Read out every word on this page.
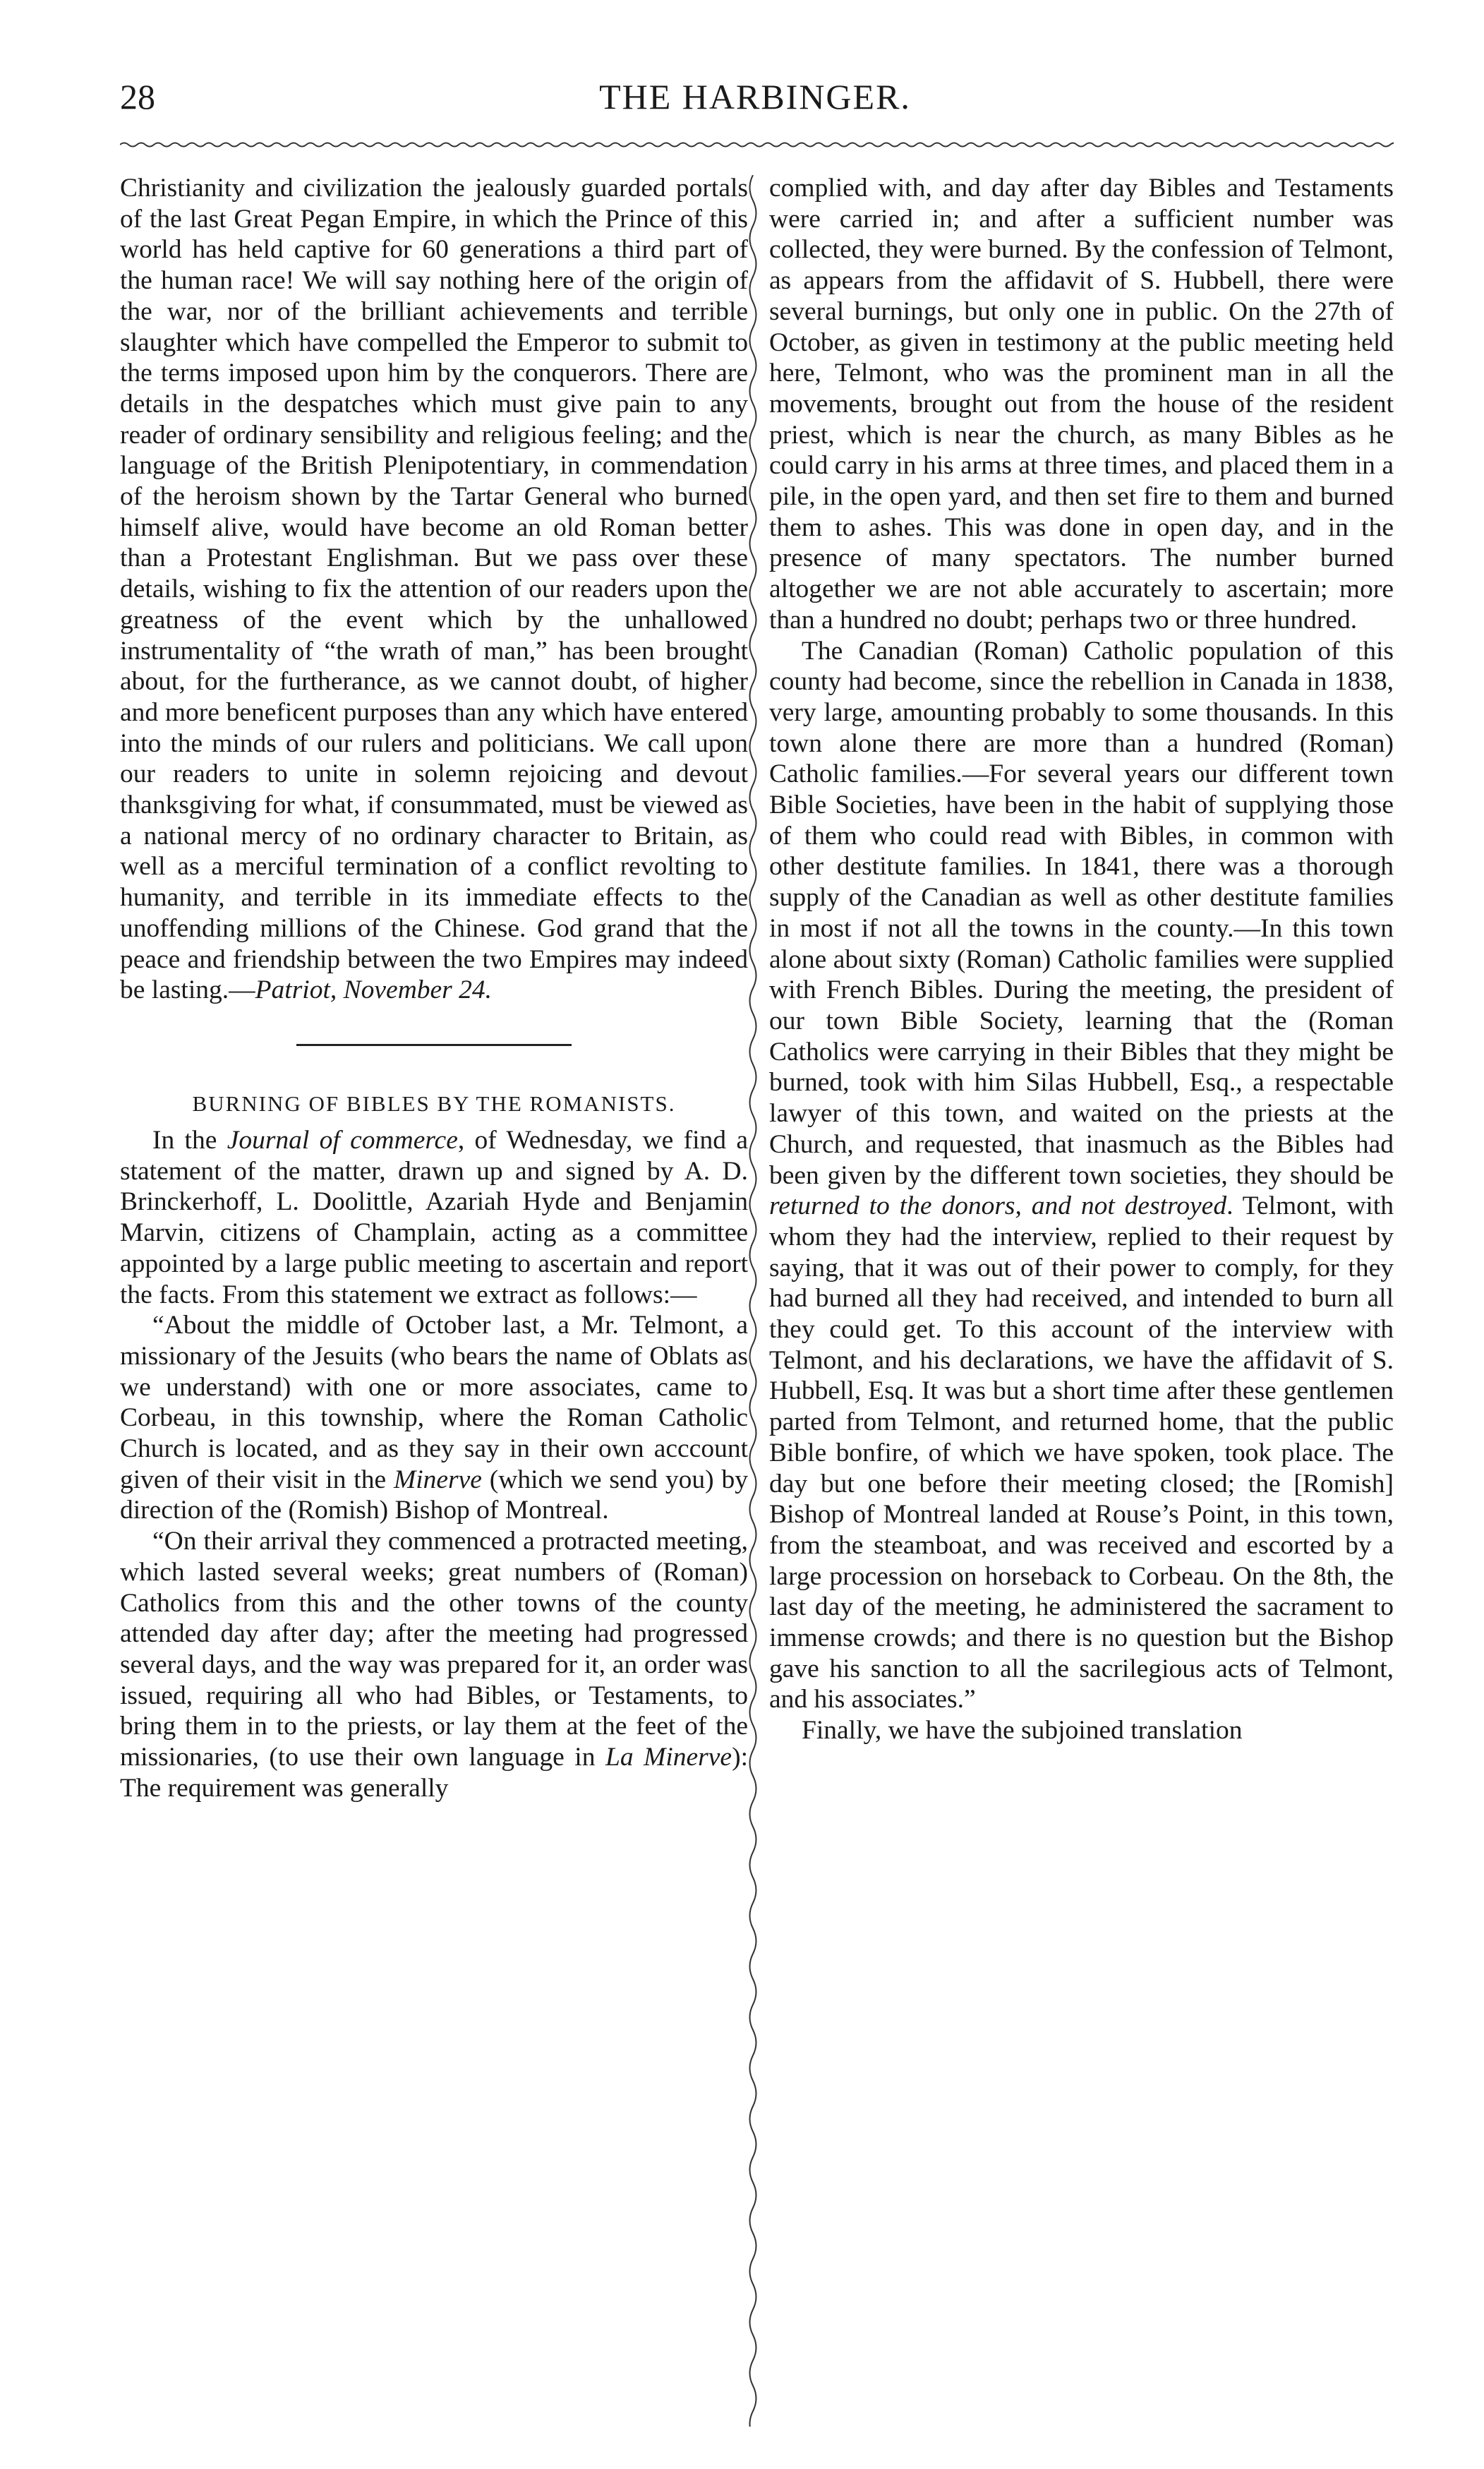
28	THE HARBINGER.

Christianity and civilization the jealously guarded portals of the last Great Pegan Empire, in which the Prince of this world has held captive for 60 generations a third part of the human race! We will say nothing here of the origin of the war, nor of the brilliant achievements and terrible slaughter which have compelled the Emperor to submit to the terms imposed upon him by the conquerors. There are details in the despatches which must give pain to any reader of ordinary sensibility and religious feeling; and the language of the British Plenipotentiary, in commendation of the heroism shown by the Tartar General who burned himself alive, would have become an old Roman better than a Protestant Englishman. But we pass over these details, wishing to fix the attention of our readers upon the greatness of the event which by the unhallowed instrumentality of “the wrath of man,” has been brought about, for the furtherance, as we cannot doubt, of higher and more beneficent purposes than any which have entered into the minds of our rulers and politicians. We call upon our readers to unite in solemn rejoicing and devout thanksgiving for what, if consummated, must be viewed as a national mercy of no ordinary character to Britain, as well as a merciful termination of a conflict revolting to humanity, and terrible in its immediate effects to the unoffending millions of the Chinese. God grand that the peace and friendship between the two Empires may indeed be lasting.—Patriot, November 24.

BURNING OF BIBLES BY THE ROMANISTS.

In the Journal of commerce, of Wednesday, we find a statement of the matter, drawn up and signed by A. D. Brinckerhoff, L. Doolittle, Azariah Hyde and Benjamin Marvin, citizens of Champlain, acting as a committee appointed by a large public meeting to ascertain and report the facts. From this statement we extract as follows:—

“About the middle of October last, a Mr. Telmont, a missionary of the Jesuits (who bears the name of Oblats as we understand) with one or more associates, came to Corbeau, in this township, where the Roman Catholic Church is located, and as they say in their own acccount given of their visit in the Minerve (which we send you) by direction of the (Romish) Bishop of Montreal.

“On their arrival they commenced a protracted meeting, which lasted several weeks; great numbers of (Roman) Catholics from this and the other towns of the county attended day after day; after the meeting had progressed several days, and the way was prepared for it, an order was issued, requiring all who had Bibles, or Testaments, to bring them in to the priests, or lay them at the feet of the missionaries, (to use their own language in La Minerve): The requirement was generally

complied with, and day after day Bibles and Testaments were carried in; and after a sufficient number was collected, they were burned. By the confession of Telmont, as appears from the affidavit of S. Hubbell, there were several burnings, but only one in public. On the 27th of October, as given in testimony at the public meeting held here, Telmont, who was the prominent man in all the movements, brought out from the house of the resident priest, which is near the church, as many Bibles as he could carry in his arms at three times, and placed them in a pile, in the open yard, and then set fire to them and burned them to ashes. This was done in open day, and in the presence of many spectators. The number burned altogether we are not able accurately to ascertain; more than a hundred no doubt; perhaps two or three hundred.

The Canadian (Roman) Catholic population of this county had become, since the rebellion in Canada in 1838, very large, amounting probably to some thousands. In this town alone there are more than a hundred (Roman) Catholic families.—For several years our different town Bible Societies, have been in the habit of supplying those of them who could read with Bibles, in common with other destitute families. In 1841, there was a thorough supply of the Canadian as well as other destitute families in most if not all the towns in the county.—In this town alone about sixty (Roman) Catholic families were supplied with French Bibles. During the meeting, the president of our town Bible Society, learning that the (Roman Catholics were carrying in their Bibles that they might be burned, took with him Silas Hubbell, Esq., a respectable lawyer of this town, and waited on the priests at the Church, and requested, that inasmuch as the Bibles had been given by the different town societies, they should be returned to the donors, and not destroyed. Telmont, with whom they had the interview, replied to their request by saying, that it was out of their power to comply, for they had burned all they had received, and intended to burn all they could get. To this account of the interview with Telmont, and his declarations, we have the affidavit of S. Hubbell, Esq. It was but a short time after these gentlemen parted from Telmont, and returned home, that the public Bible bonfire, of which we have spoken, took place. The day but one before their meeting closed; the [Romish] Bishop of Montreal landed at Rouse’s Point, in this town, from the steamboat, and was received and escorted by a large procession on horseback to Corbeau. On the 8th, the last day of the meeting, he administered the sacrament to immense crowds; and there is no question but the Bishop gave his sanction to all the sacrilegious acts of Telmont, and his associates.”

Finally, we have the subjoined translation
